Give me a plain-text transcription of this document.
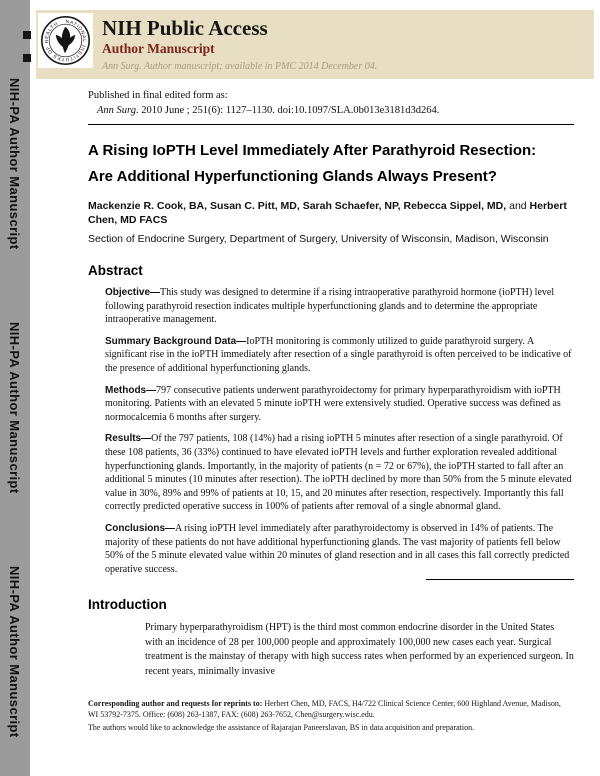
NIH-PA Author Manuscript
NIH-PA Author Manuscript
NIH-PA Author Manuscript
NATIONAL INSTITUTES OF HEALTH	NIH Public Access
Author Manuscript
Ann Surg. Author manuscript; available in PMC 2014 December 04.
Published in final edited form as:
Ann Surg. 2010 June ; 251(6): 1127–1130. doi:10.1097/SLA.0b013e3181d3d264.
A Rising IoPTH Level Immediately After Parathyroid Resection:
Are Additional Hyperfunctioning Glands Always Present?
Mackenzie R. Cook, BA, Susan C. Pitt, MD, Sarah Schaefer, NP, Rebecca Sippel, MD, and Herbert Chen, MD FACS
Section of Endocrine Surgery, Department of Surgery, University of Wisconsin, Madison, Wisconsin
Abstract

Objective—This study was designed to determine if a rising intraoperative parathyroid hormone (ioPTH) level following parathyroid resection indicates multiple hyperfunctioning glands and to determine the appropriate intraoperative management.

Summary Background Data—IoPTH monitoring is commonly utilized to guide parathyroid surgery. A significant rise in the ioPTH immediately after resection of a single parathyroid is often perceived to be indicative of the presence of additional hyperfunctioning glands.

Methods—797 consecutive patients underwent parathyroidectomy for primary hyperparathyroidism with ioPTH monitoring. Patients with an elevated 5 minute ioPTH were extensively studied. Operative success was defined as normocalcemia 6 months after surgery.

Results—Of the 797 patients, 108 (14%) had a rising ioPTH 5 minutes after resection of a single parathyroid. Of these 108 patients, 36 (33%) continued to have elevated ioPTH levels and further exploration revealed additional hyperfunctioning glands. Importantly, in the majority of patients (n = 72 or 67%), the ioPTH started to fall after an additional 5 minutes (10 minutes after resection). The ioPTH declined by more than 50% from the 5 minute elevated value in 30%, 89% and 99% of patients at 10, 15, and 20 minutes after resection, respectively. Importantly this fall correctly predicted operative success in 100% of patients after removal of a single abnormal gland.

Conclusions—A rising ioPTH level immediately after parathyroidectomy is observed in 14% of patients. The majority of these patients do not have additional hyperfunctioning glands. The vast majority of patients fell below 50% of the 5 minute elevated value within 20 minutes of gland resection and in all cases this fall correctly predicted operative success.

Introduction

Primary hyperparathyroidism (HPT) is the third most common endocrine disorder in the United States with an incidence of 28 per 100,000 people and approximately 100,000 new cases each year. Surgical treatment is the mainstay of therapy with high success rates when performed by an experienced surgeon. In recent years, minimally invasive

Corresponding author and requests for reprints to: Herbert Chen, MD, FACS, H4/722 Clinical Science Center, 600 Highland Avenue, Madison, WI 53792-7375. Office: (608) 263-1387, FAX: (608) 263-7652, Chen@surgery.wisc.edu.
The authors would like to acknowledge the assistance of Rajarajan Paneerslavan, BS in data acquisition and preparation.
